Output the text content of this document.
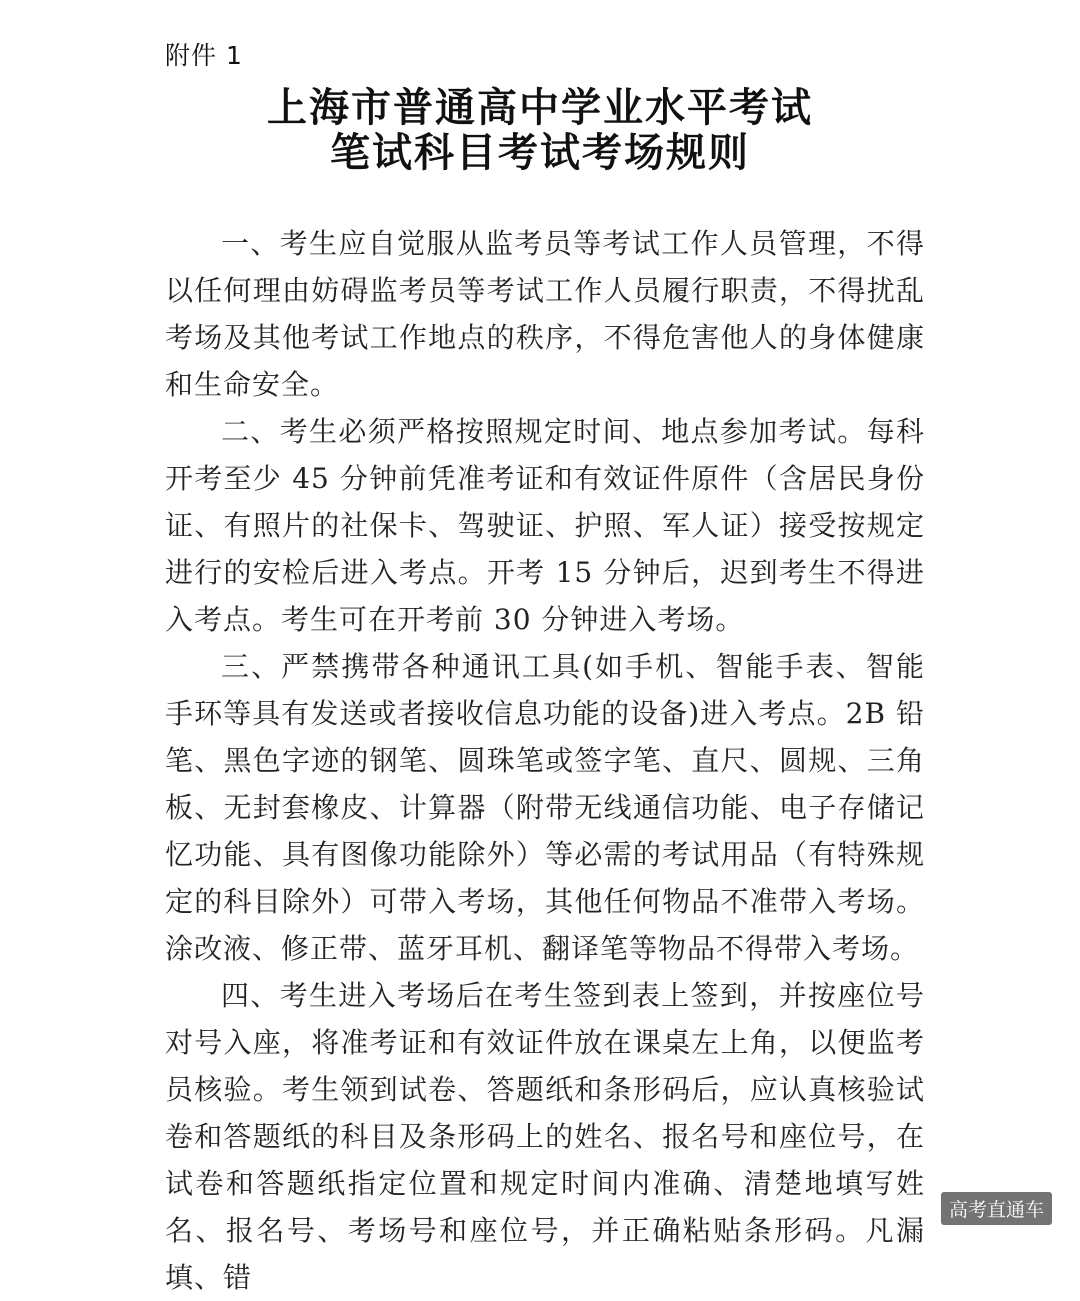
附件 1
上海市普通高中学业水平考试
笔试科目考试考场规则

一、考生应自觉服从监考员等考试工作人员管理，不得以任何理由妨碍监考员等考试工作人员履行职责，不得扰乱考场及其他考试工作地点的秩序，不得危害他人的身体健康和生命安全。

二、考生必须严格按照规定时间、地点参加考试。每科开考至少 45 分钟前凭准考证和有效证件原件（含居民身份证、有照片的社保卡、驾驶证、护照、军人证）接受按规定进行的安检后进入考点。开考 15 分钟后，迟到考生不得进入考点。考生可在开考前 30 分钟进入考场。

三、严禁携带各种通讯工具(如手机、智能手表、智能手环等具有发送或者接收信息功能的设备)进入考点。2B 铅笔、黑色字迹的钢笔、圆珠笔或签字笔、直尺、圆规、三角板、无封套橡皮、计算器（附带无线通信功能、电子存储记忆功能、具有图像功能除外）等必需的考试用品（有特殊规定的科目除外）可带入考场，其他任何物品不准带入考场。涂改液、修正带、蓝牙耳机、翻译笔等物品不得带入考场。

四、考生进入考场后在考生签到表上签到，并按座位号对号入座，将准考证和有效证件放在课桌左上角，以便监考员核验。考生领到试卷、答题纸和条形码后，应认真核验试卷和答题纸的科目及条形码上的姓名、报名号和座位号，在试卷和答题纸指定位置和规定时间内准确、清楚地填写姓名、报名号、考场号和座位号，并正确粘贴条形码。凡漏填、错

高考直通车
